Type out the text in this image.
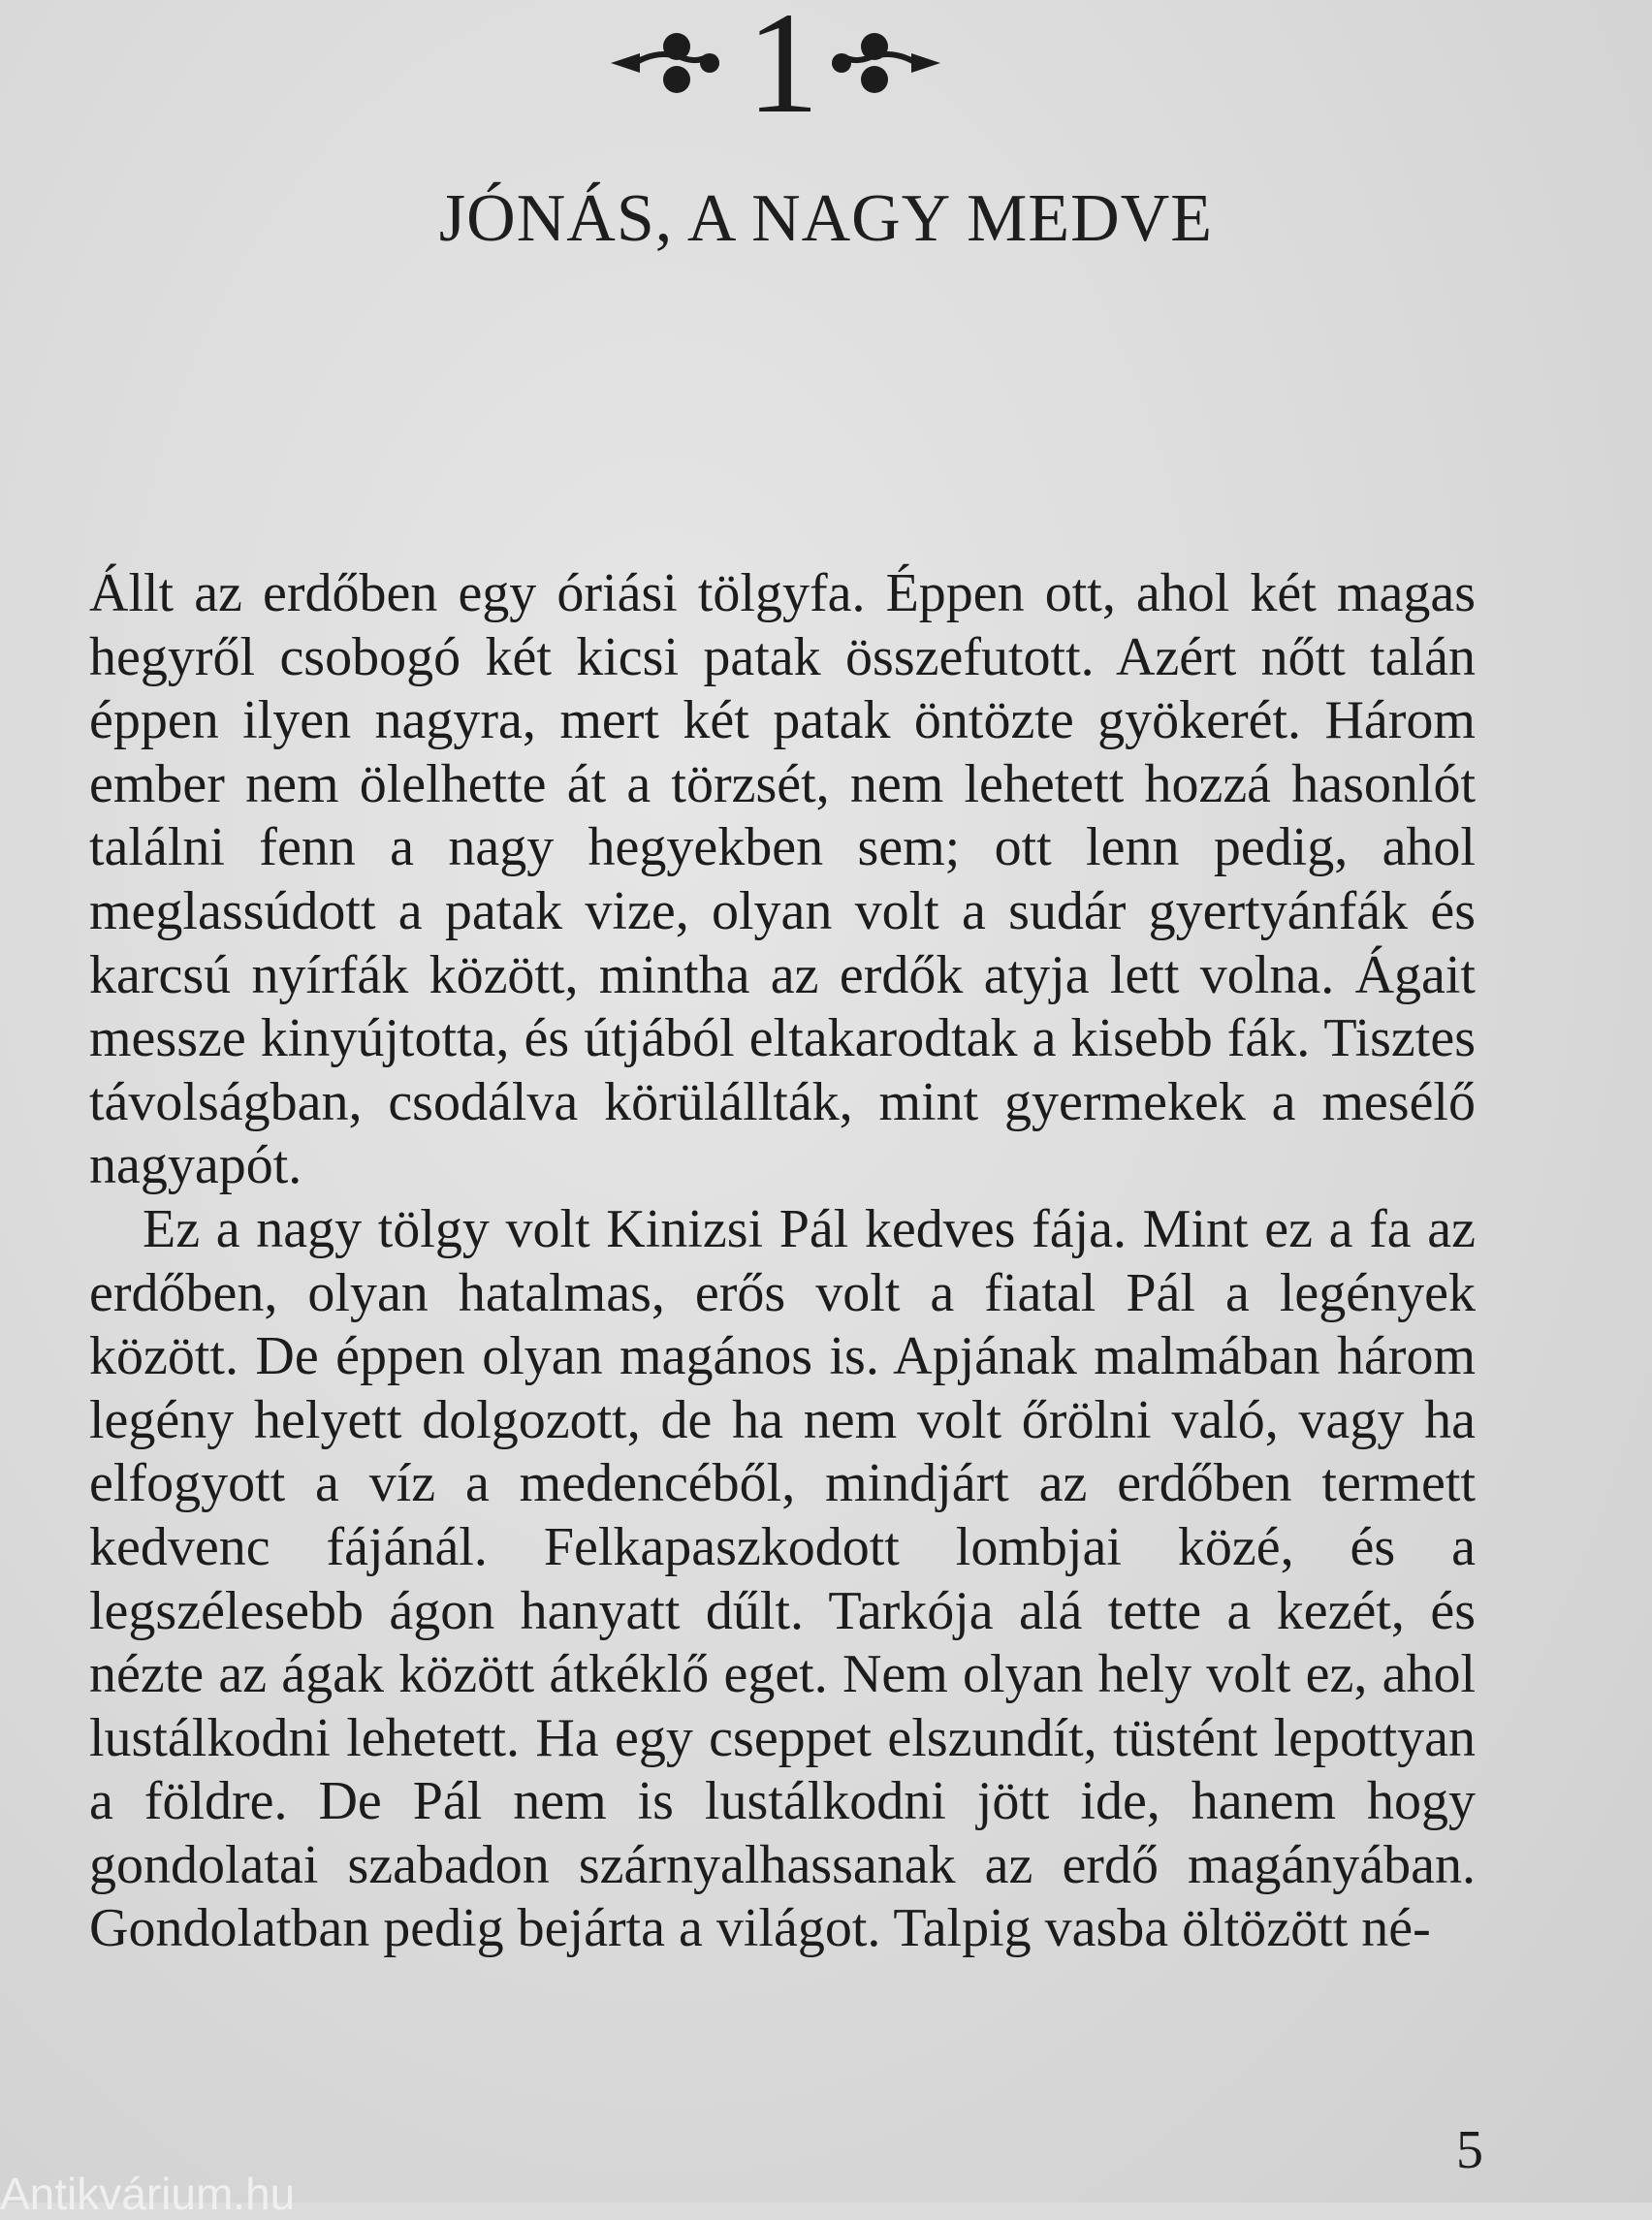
1
JÓNÁS, A NAGY MEDVE

Állt az erdőben egy óriási tölgyfa. Éppen ott, ahol két magas hegyről csobogó két kicsi patak összefutott. Azért nőtt talán éppen ilyen nagyra, mert két patak öntözte gyökerét. Három ember nem ölelhette át a törzsét, nem lehetett hozzá hasonlót találni fenn a nagy hegyekben sem; ott lenn pedig, ahol meglassúdott a patak vize, olyan volt a sudár gyertyánfák és karcsú nyírfák között, mintha az erdők atyja lett volna. Ágait messze kinyújtotta, és útjából eltakarodtak a kisebb fák. Tisztes távolságban, csodálva körülállták, mint gyermekek a mesélő nagyapót.

Ez a nagy tölgy volt Kinizsi Pál kedves fája. Mint ez a fa az erdőben, olyan hatalmas, erős volt a fiatal Pál a legények között. De éppen olyan magános is. Apjának malmában három legény helyett dolgozott, de ha nem volt őrölni való, vagy ha elfogyott a víz a medencéből, mindjárt az erdőben termett kedvenc fájánál. Felkapaszkodott lombjai közé, és a legszélesebb ágon hanyatt dűlt. Tarkója alá tette a kezét, és nézte az ágak között átkéklő eget. Nem olyan hely volt ez, ahol lustálkodni lehetett. Ha egy cseppet elszundít, tüstént lepottyan a földre. De Pál nem is lustálkodni jött ide, hanem hogy gondolatai szabadon szárnyalhassanak az erdő magányában. Gondolatban pedig bejárta a világot. Talpig vasba öltözött né-

5
Antikvárium.hu
